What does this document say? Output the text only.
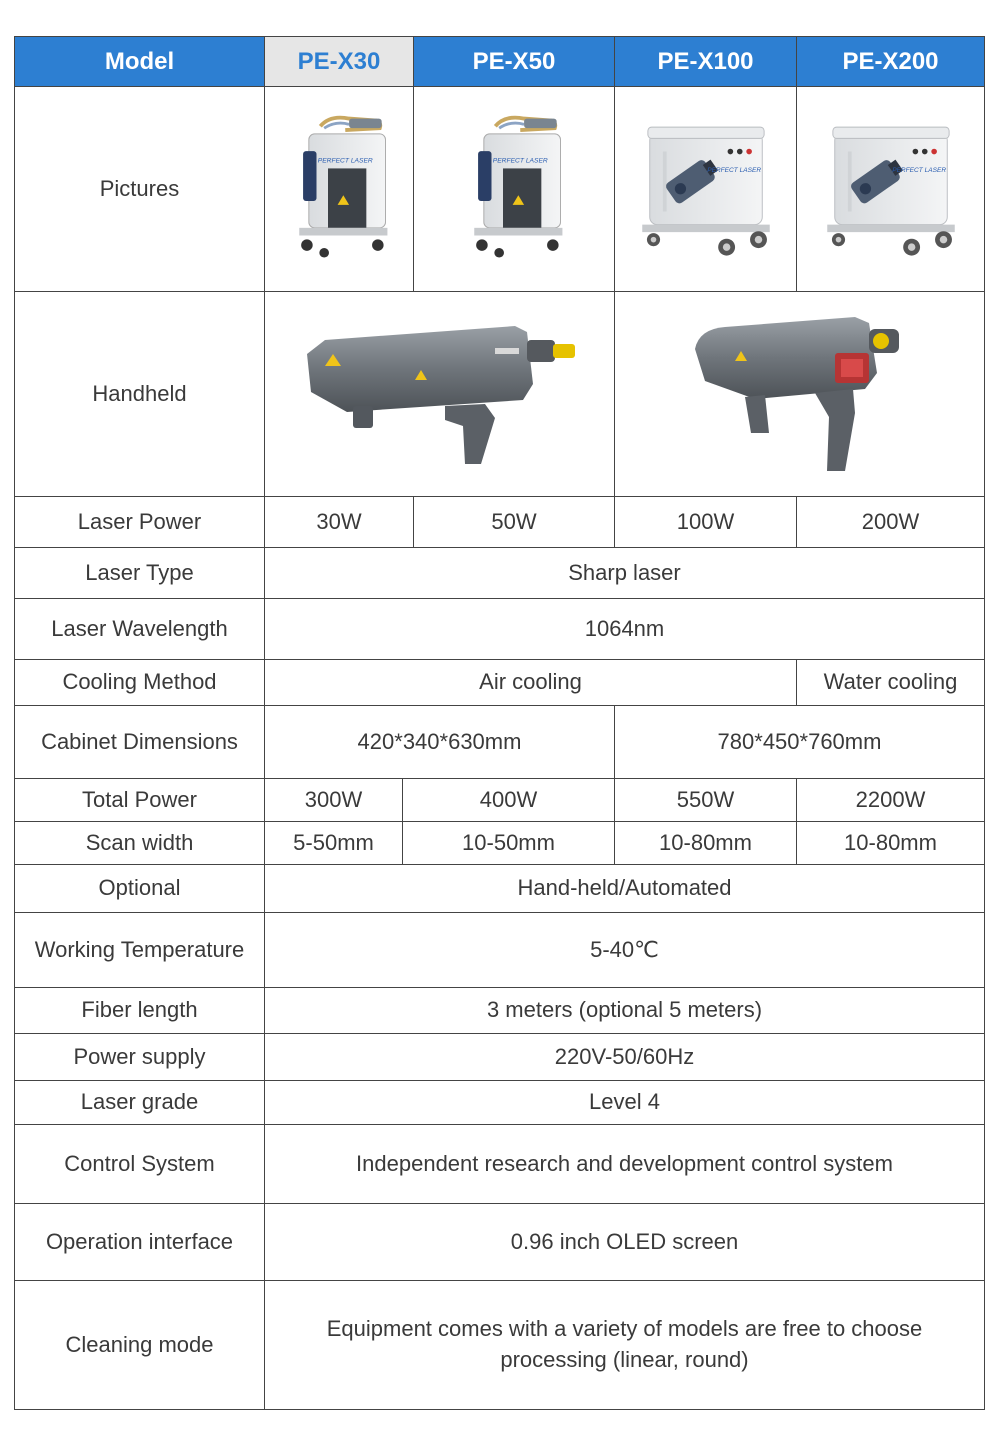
Model	PE-X30		PE-X50	PE-X100	PE-X200
Pictures	

Handheld	

Laser Power	30W		50W	100W	200W
Laser Type	Sharp laser				
Laser Wavelength	1064nm				
Cooling Method	Air cooling				Water cooling
Cabinet Dimensions	420*340*630mm			780*450*760mm	
Total Power	300W	400W		550W	2200W
Scan width	5-50mm	10-50mm		10-80mm	10-80mm
Optional	Hand-held/Automated				
Working Temperature	5-40℃				
Fiber length	3 meters (optional 5 meters)				
Power supply	220V-50/60Hz				
Laser grade	Level 4				
Control System	Independent research and development control system				
Operation interface	0.96 inch OLED screen				
Cleaning mode	Equipment comes with a variety of models are free to choose processing (linear, round)				
